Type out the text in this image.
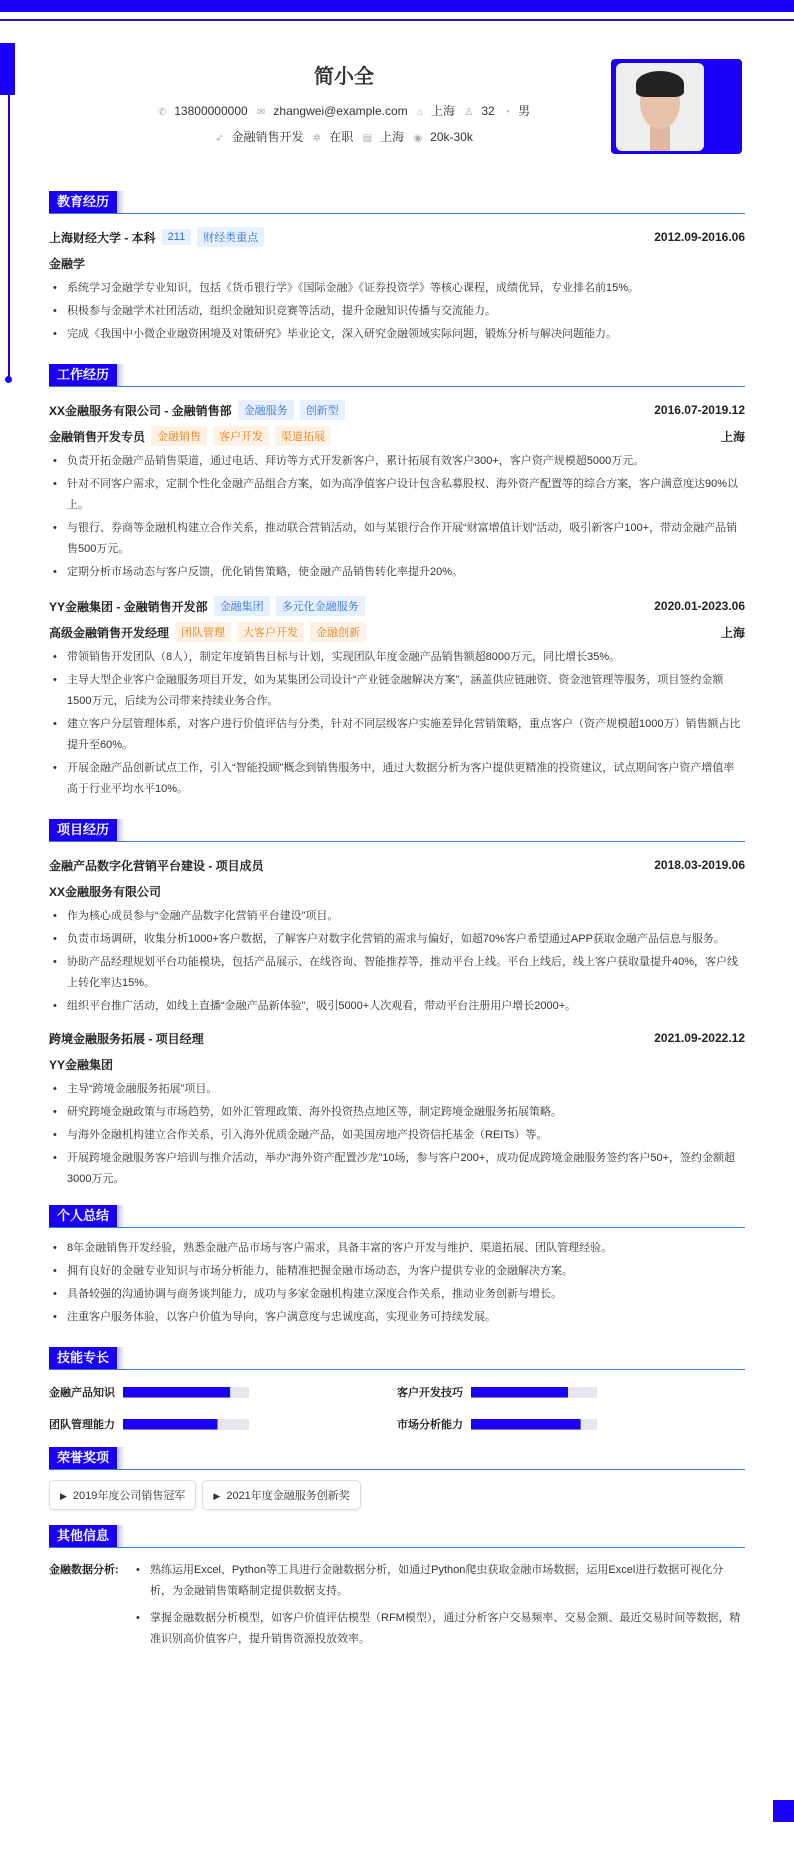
简小全
✆ 13800000000 ✉ zhangwei@example.com ⌂ 上海 ♙ 32 ◔ 男
➶ 金融销售开发 ✲ 在职 ▤ 上海 ◉ 20k-30k
教育经历
上海财经大学 - 本科	211	财经类重点	2012.09-2016.06
金融学
• 系统学习金融学专业知识，包括《货币银行学》《国际金融》《证券投资学》等核心课程，成绩优异，专业排名前15%。
• 积极参与金融学术社团活动，组织金融知识竞赛等活动，提升金融知识传播与交流能力。
• 完成《我国中小微企业融资困境及对策研究》毕业论文，深入研究金融领域实际问题，锻炼分析与解决问题能力。
工作经历
XX金融服务有限公司 - 金融销售部	金融服务	创新型	2016.07-2019.12
金融销售开发专员	金融销售	客户开发	渠道拓展	上海
• 负责开拓金融产品销售渠道，通过电话、拜访等方式开发新客户，累计拓展有效客户300+，客户资产规模超5000万元。
• 针对不同客户需求，定制个性化金融产品组合方案，如为高净值客户设计包含私募股权、海外资产配置等的综合方案，客户满意度达90%以上。
• 与银行、券商等金融机构建立合作关系，推动联合营销活动，如与某银行合作开展“财富增值计划”活动，吸引新客户100+，带动金融产品销售500万元。
• 定期分析市场动态与客户反馈，优化销售策略，使金融产品销售转化率提升20%。
YY金融集团 - 金融销售开发部	金融集团	多元化金融服务	2020.01-2023.06
高级金融销售开发经理	团队管理	大客户开发	金融创新	上海
• 带领销售开发团队（8人），制定年度销售目标与计划，实现团队年度金融产品销售额超8000万元，同比增长35%。
• 主导大型企业客户金融服务项目开发，如为某集团公司设计“产业链金融解决方案”，涵盖供应链融资、资金池管理等服务，项目签约金额1500万元，后续为公司带来持续业务合作。
• 建立客户分层管理体系，对客户进行价值评估与分类，针对不同层级客户实施差异化营销策略，重点客户（资产规模超1000万）销售额占比提升至60%。
• 开展金融产品创新试点工作，引入“智能投顾”概念到销售服务中，通过大数据分析为客户提供更精准的投资建议，试点期间客户资产增值率高于行业平均水平10%。
项目经历
金融产品数字化营销平台建设 - 项目成员	2018.03-2019.06
XX金融服务有限公司
• 作为核心成员参与“金融产品数字化营销平台建设”项目。
• 负责市场调研，收集分析1000+客户数据，了解客户对数字化营销的需求与偏好，如超70%客户希望通过APP获取金融产品信息与服务。
• 协助产品经理规划平台功能模块，包括产品展示、在线咨询、智能推荐等，推动平台上线。平台上线后，线上客户获取量提升40%，客户线上转化率达15%。
• 组织平台推广活动，如线上直播“金融产品新体验”，吸引5000+人次观看，带动平台注册用户增长2000+。
跨境金融服务拓展 - 项目经理	2021.09-2022.12
YY金融集团
• 主导“跨境金融服务拓展”项目。
• 研究跨境金融政策与市场趋势，如外汇管理政策、海外投资热点地区等，制定跨境金融服务拓展策略。
• 与海外金融机构建立合作关系，引入海外优质金融产品，如美国房地产投资信托基金（REITs）等。
• 开展跨境金融服务客户培训与推介活动，举办“海外资产配置沙龙”10场，参与客户200+，成功促成跨境金融服务签约客户50+，签约金额超3000万元。
个人总结
• 8年金融销售开发经验，熟悉金融产品市场与客户需求，具备丰富的客户开发与维护、渠道拓展、团队管理经验。
• 拥有良好的金融专业知识与市场分析能力，能精准把握金融市场动态，为客户提供专业的金融解决方案。
• 具备较强的沟通协调与商务谈判能力，成功与多家金融机构建立深度合作关系，推动业务创新与增长。
• 注重客户服务体验，以客户价值为导向，客户满意度与忠诚度高，实现业务可持续发展。
技能专长
金融产品知识	客户开发技巧
团队管理能力	市场分析能力
荣誉奖项
▶ 2019年度公司销售冠军	▶ 2021年度金融服务创新奖
其他信息
金融数据分析:	• 熟练运用Excel、Python等工具进行金融数据分析，如通过Python爬虫获取金融市场数据，运用Excel进行数据可视化分析，为金融销售策略制定提供数据支持。
• 掌握金融数据分析模型，如客户价值评估模型（RFM模型），通过分析客户交易频率、交易金额、最近交易时间等数据，精准识别高价值客户，提升销售资源投放效率。
